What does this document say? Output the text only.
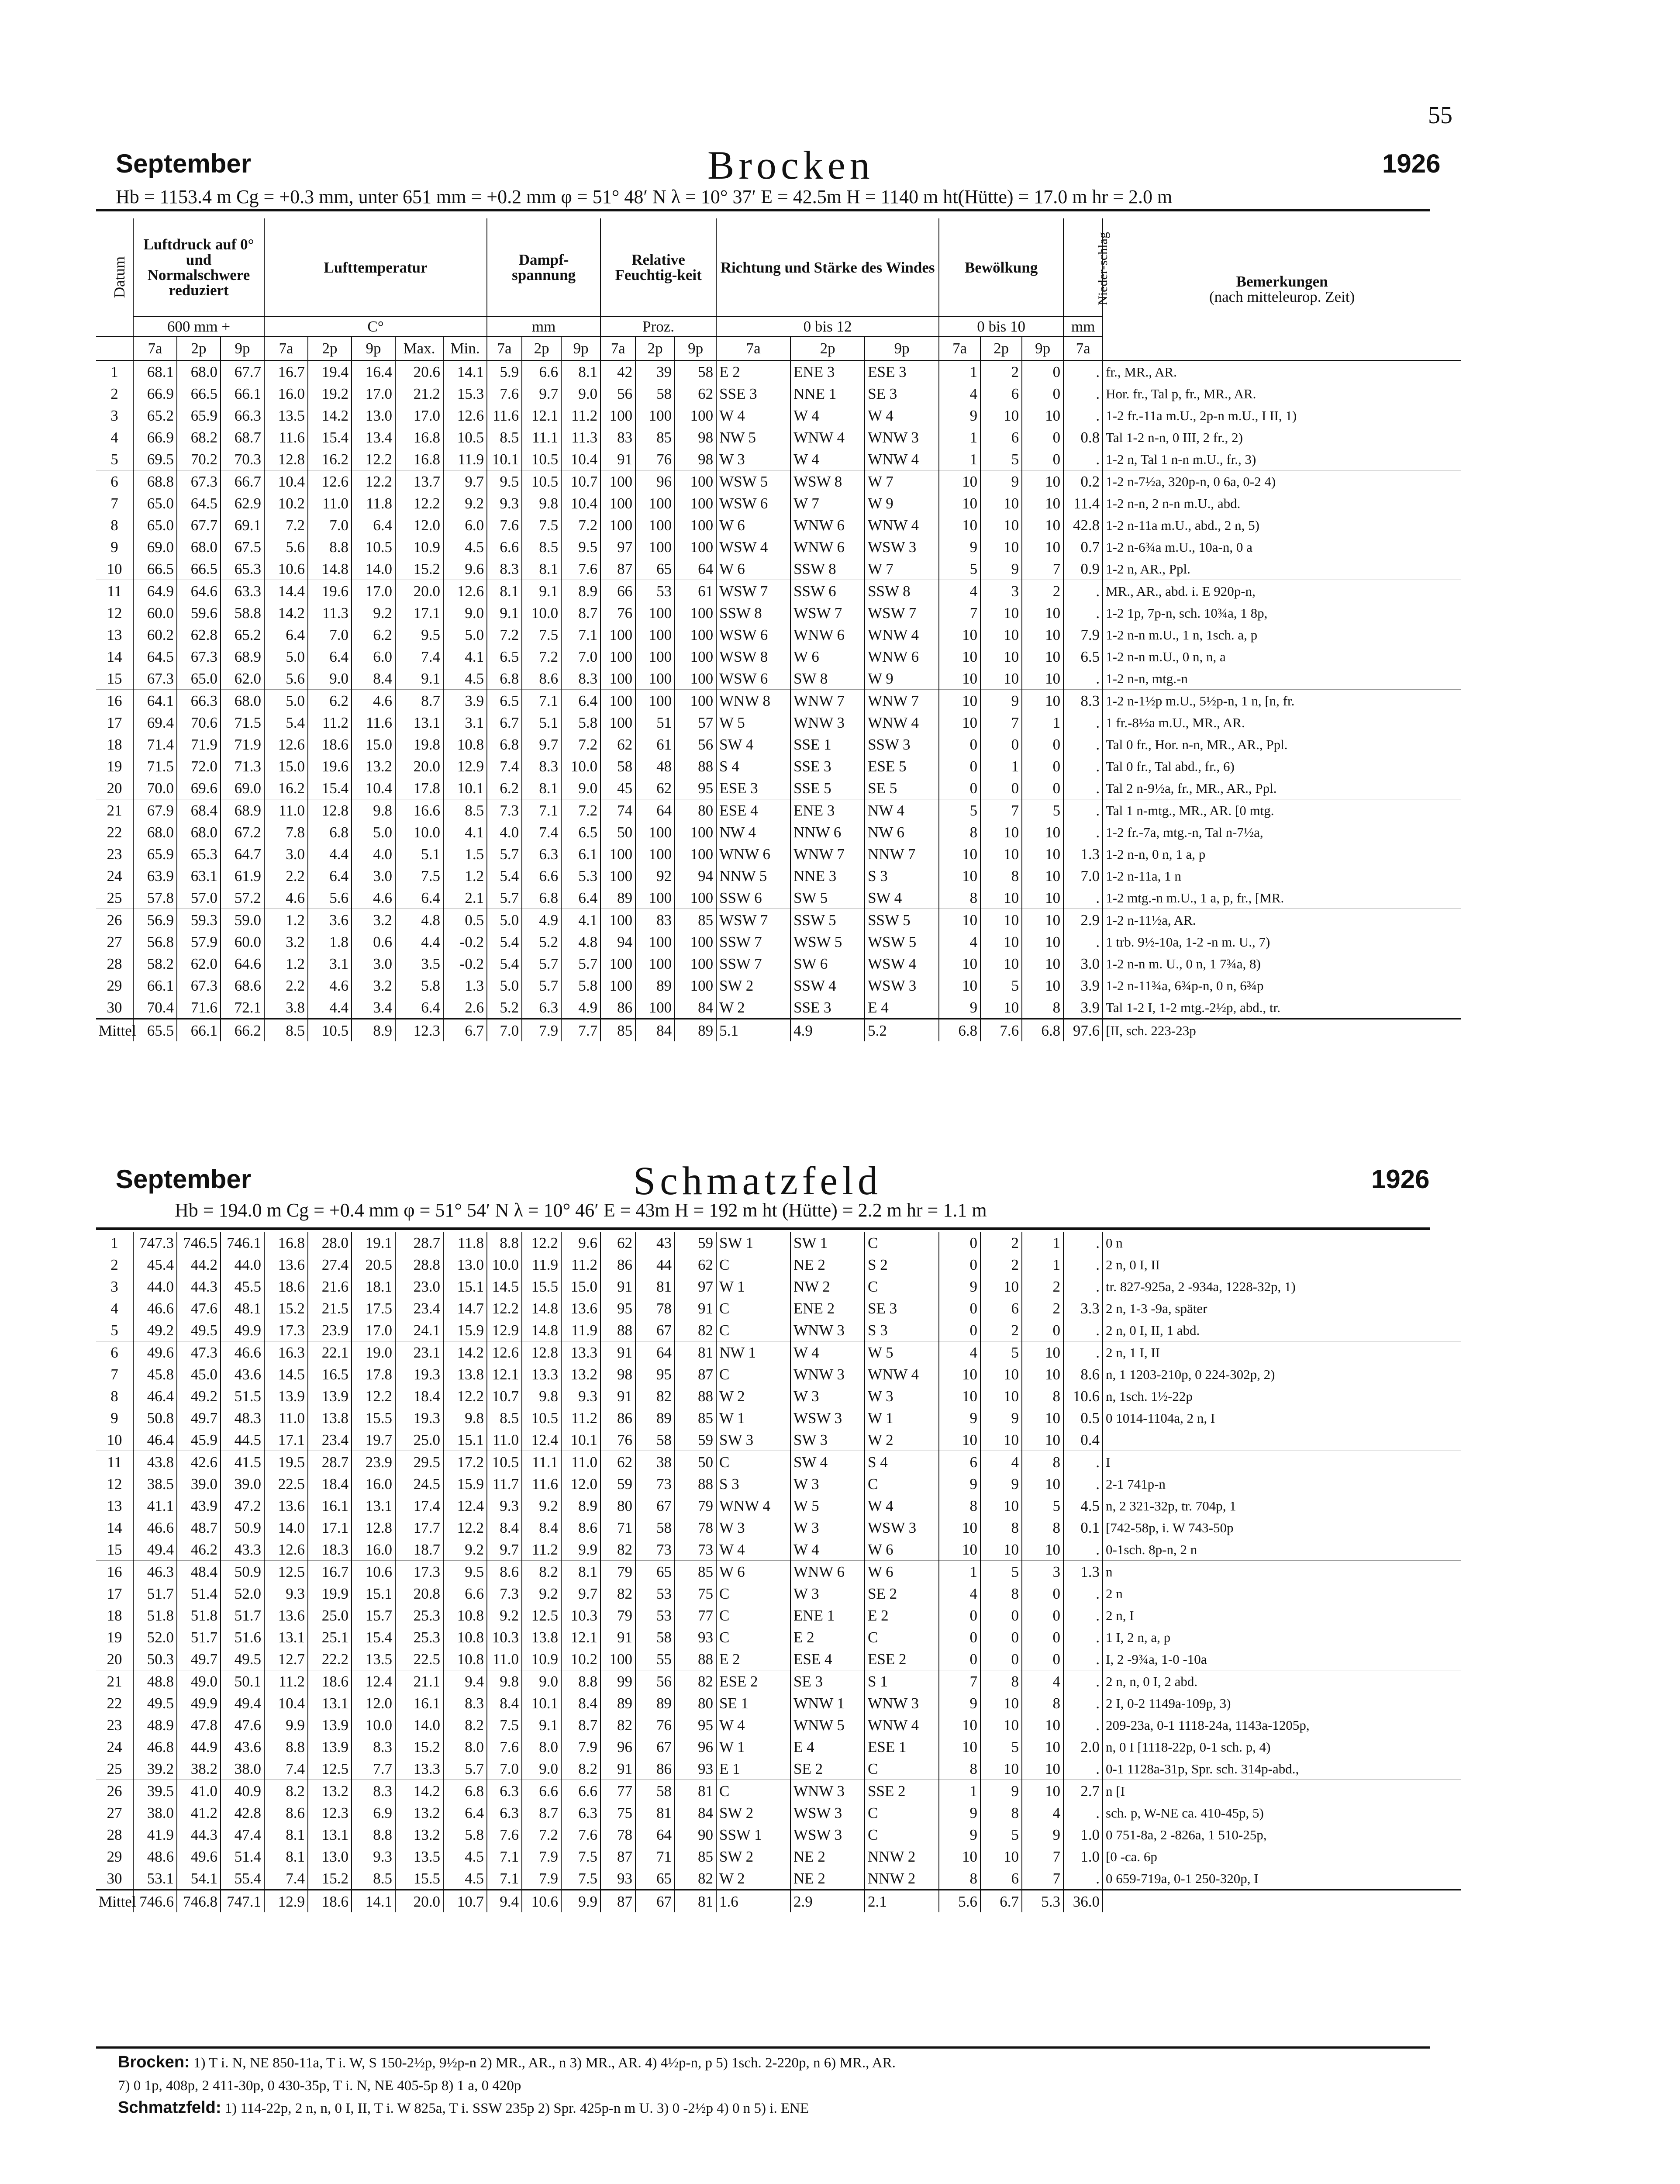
55
September	Brocken	1926
Hb = 1153.4 m Cg = +0.3 mm, unter 651 mm = +0.2 mm φ = 51° 48′ N λ = 10° 37′ E = 42.5m H = 1140 m ht(Hütte) = 17.0 m hr = 2.0 m
Datum	Luftdruck auf 0° und Normalschwere reduziert			Lufttemperatur					Dampf-spannung			Relative Feuchtig-keit			Richtung und Stärke des Windes			Bewölkung			Nieder-schlag	Bemerkungen
(nach mitteleurop. Zeit)

	600 mm +			C°					mm			Proz.			0 bis 12			0 bis 10			mm	
	7a	2p	9p	7a	2p	9p	Max.	Min.	7a	2p	9p	7a	2p	9p	7a	2p	9p	7a	2p	9p	7a	
1	68.1	68.0	67.7	16.7	19.4	16.4	20.6	14.1	5.9	6.6	8.1	42	39	58	E 2	ENE 3	ESE 3	1	2	0	.	fr., MR., AR.
2	66.9	66.5	66.1	16.0	19.2	17.0	21.2	15.3	7.6	9.7	9.0	56	58	62	SSE 3	NNE 1	SE 3	4	6	0	.	Hor. fr., Tal p, fr., MR., AR.
3	65.2	65.9	66.3	13.5	14.2	13.0	17.0	12.6	11.6	12.1	11.2	100	100	100	W 4	W 4	W 4	9	10	10	.	1-2 fr.-11a m.U., 2p-n m.U., I II, 1)
4	66.9	68.2	68.7	11.6	15.4	13.4	16.8	10.5	8.5	11.1	11.3	83	85	98	NW 5	WNW 4	WNW 3	1	6	0	0.8	Tal 1-2 n-n, 0 III, 2 fr., 2)
5	69.5	70.2	70.3	12.8	16.2	12.2	16.8	11.9	10.1	10.5	10.4	91	76	98	W 3	W 4	WNW 4	1	5	0	.	1-2 n, Tal 1 n-n m.U., fr., 3)
6	68.8	67.3	66.7	10.4	12.6	12.2	13.7	9.7	9.5	10.5	10.7	100	96	100	WSW 5	WSW 8	W 7	10	9	10	0.2	1-2 n-7½a, 320p-n, 0 6a, 0-2 4)
7	65.0	64.5	62.9	10.2	11.0	11.8	12.2	9.2	9.3	9.8	10.4	100	100	100	WSW 6	W 7	W 9	10	10	10	11.4	1-2 n-n, 2 n-n m.U., abd.
8	65.0	67.7	69.1	7.2	7.0	6.4	12.0	6.0	7.6	7.5	7.2	100	100	100	W 6	WNW 6	WNW 4	10	10	10	42.8	1-2 n-11a m.U., abd., 2 n, 5)
9	69.0	68.0	67.5	5.6	8.8	10.5	10.9	4.5	6.6	8.5	9.5	97	100	100	WSW 4	WNW 6	WSW 3	9	10	10	0.7	1-2 n-6¾a m.U., 10a-n, 0 a
10	66.5	66.5	65.3	10.6	14.8	14.0	15.2	9.6	8.3	8.1	7.6	87	65	64	W 6	SSW 8	W 7	5	9	7	0.9	1-2 n, AR., Ppl.
11	64.9	64.6	63.3	14.4	19.6	17.0	20.0	12.6	8.1	9.1	8.9	66	53	61	WSW 7	SSW 6	SSW 8	4	3	2	.	MR., AR., abd. i. E 920p-n,
12	60.0	59.6	58.8	14.2	11.3	9.2	17.1	9.0	9.1	10.0	8.7	76	100	100	SSW 8	WSW 7	WSW 7	7	10	10	.	1-2 1p, 7p-n, sch. 10¾a, 1 8p,
13	60.2	62.8	65.2	6.4	7.0	6.2	9.5	5.0	7.2	7.5	7.1	100	100	100	WSW 6	WNW 6	WNW 4	10	10	10	7.9	1-2 n-n m.U., 1 n, 1sch. a, p
14	64.5	67.3	68.9	5.0	6.4	6.0	7.4	4.1	6.5	7.2	7.0	100	100	100	WSW 8	W 6	WNW 6	10	10	10	6.5	1-2 n-n m.U., 0 n, n, a
15	67.3	65.0	62.0	5.6	9.0	8.4	9.1	4.5	6.8	8.6	8.3	100	100	100	WSW 6	SW 8	W 9	10	10	10	.	1-2 n-n, mtg.-n
16	64.1	66.3	68.0	5.0	6.2	4.6	8.7	3.9	6.5	7.1	6.4	100	100	100	WNW 8	WNW 7	WNW 7	10	9	10	8.3	1-2 n-1½p m.U., 5½p-n, 1 n, [n, fr.
17	69.4	70.6	71.5	5.4	11.2	11.6	13.1	3.1	6.7	5.1	5.8	100	51	57	W 5	WNW 3	WNW 4	10	7	1	.	1 fr.-8½a m.U., MR., AR.
18	71.4	71.9	71.9	12.6	18.6	15.0	19.8	10.8	6.8	9.7	7.2	62	61	56	SW 4	SSE 1	SSW 3	0	0	0	.	Tal 0 fr., Hor. n-n, MR., AR., Ppl.
19	71.5	72.0	71.3	15.0	19.6	13.2	20.0	12.9	7.4	8.3	10.0	58	48	88	S 4	SSE 3	ESE 5	0	1	0	.	Tal 0 fr., Tal abd., fr., 6)
20	70.0	69.6	69.0	16.2	15.4	10.4	17.8	10.1	6.2	8.1	9.0	45	62	95	ESE 3	SSE 5	SE 5	0	0	0	.	Tal 2 n-9½a, fr., MR., AR., Ppl.
21	67.9	68.4	68.9	11.0	12.8	9.8	16.6	8.5	7.3	7.1	7.2	74	64	80	ESE 4	ENE 3	NW 4	5	7	5	.	Tal 1 n-mtg., MR., AR. [0 mtg.
22	68.0	68.0	67.2	7.8	6.8	5.0	10.0	4.1	4.0	7.4	6.5	50	100	100	NW 4	NNW 6	NW 6	8	10	10	.	1-2 fr.-7a, mtg.-n, Tal n-7½a,
23	65.9	65.3	64.7	3.0	4.4	4.0	5.1	1.5	5.7	6.3	6.1	100	100	100	WNW 6	WNW 7	NNW 7	10	10	10	1.3	1-2 n-n, 0 n, 1 a, p
24	63.9	63.1	61.9	2.2	6.4	3.0	7.5	1.2	5.4	6.6	5.3	100	92	94	NNW 5	NNE 3	S 3	10	8	10	7.0	1-2 n-11a, 1 n
25	57.8	57.0	57.2	4.6	5.6	4.6	6.4	2.1	5.7	6.8	6.4	89	100	100	SSW 6	SW 5	SW 4	8	10	10	.	1-2 mtg.-n m.U., 1 a, p, fr., [MR.
26	56.9	59.3	59.0	1.2	3.6	3.2	4.8	0.5	5.0	4.9	4.1	100	83	85	WSW 7	SSW 5	SSW 5	10	10	10	2.9	1-2 n-11½a, AR.
27	56.8	57.9	60.0	3.2	1.8	0.6	4.4	-0.2	5.4	5.2	4.8	94	100	100	SSW 7	WSW 5	WSW 5	4	10	10	.	1 trb. 9½-10a, 1-2 -n m. U., 7)
28	58.2	62.0	64.6	1.2	3.1	3.0	3.5	-0.2	5.4	5.7	5.7	100	100	100	SSW 7	SW 6	WSW 4	10	10	10	3.0	1-2 n-n m. U., 0 n, 1 7¾a, 8)
29	66.1	67.3	68.6	2.2	4.6	3.2	5.8	1.3	5.0	5.7	5.8	100	89	100	SW 2	SSW 4	WSW 3	10	5	10	3.9	1-2 n-11¾a, 6¾p-n, 0 n, 6¾p
30	70.4	71.6	72.1	3.8	4.4	3.4	6.4	2.6	5.2	6.3	4.9	86	100	84	W 2	SSE 3	E 4	9	10	8	3.9	Tal 1-2 I, 1-2 mtg.-2½p, abd., tr.
Mittel	65.5	66.1	66.2	8.5	10.5	8.9	12.3	6.7	7.0	7.9	7.7	85	84	89	5.1	4.9	5.2	6.8	7.6	6.8	97.6	[II, sch. 223-23p
September	Schmatzfeld	1926
Hb = 194.0 m Cg = +0.4 mm φ = 51° 54′ N λ = 10° 46′ E = 43m H = 192 m ht (Hütte) = 2.2 m hr = 1.1 m
1	747.3	746.5	746.1	16.8	28.0	19.1	28.7	11.8	8.8	12.2	9.6	62	43	59	SW 1	SW 1	C	0	2	1	.	0 n
2	45.4	44.2	44.0	13.6	27.4	20.5	28.8	13.0	10.0	11.9	11.2	86	44	62	C	NE 2	S 2	0	2	1	.	2 n, 0 I, II
3	44.0	44.3	45.5	18.6	21.6	18.1	23.0	15.1	14.5	15.5	15.0	91	81	97	W 1	NW 2	C	9	10	2	.	tr. 827-925a, 2 -934a, 1228-32p, 1)
4	46.6	47.6	48.1	15.2	21.5	17.5	23.4	14.7	12.2	14.8	13.6	95	78	91	C	ENE 2	SE 3	0	6	2	3.3	2 n, 1-3 -9a, später
5	49.2	49.5	49.9	17.3	23.9	17.0	24.1	15.9	12.9	14.8	11.9	88	67	82	C	WNW 3	S 3	0	2	0	.	2 n, 0 I, II, 1 abd.
6	49.6	47.3	46.6	16.3	22.1	19.0	23.1	14.2	12.6	12.8	13.3	91	64	81	NW 1	W 4	W 5	4	5	10	.	2 n, 1 I, II
7	45.8	45.0	43.6	14.5	16.5	17.8	19.3	13.8	12.1	13.3	13.2	98	95	87	C	WNW 3	WNW 4	10	10	10	8.6	n, 1 1203-210p, 0 224-302p, 2)
8	46.4	49.2	51.5	13.9	13.9	12.2	18.4	12.2	10.7	9.8	9.3	91	82	88	W 2	W 3	W 3	10	10	8	10.6	n, 1sch. 1½-22p
9	50.8	49.7	48.3	11.0	13.8	15.5	19.3	9.8	8.5	10.5	11.2	86	89	85	W 1	WSW 3	W 1	9	9	10	0.5	0 1014-1104a, 2 n, I
10	46.4	45.9	44.5	17.1	23.4	19.7	25.0	15.1	11.0	12.4	10.1	76	58	59	SW 3	SW 3	W 2	10	10	10	0.4	
11	43.8	42.6	41.5	19.5	28.7	23.9	29.5	17.2	10.5	11.1	11.0	62	38	50	C	SW 4	S 4	6	4	8	.	I
12	38.5	39.0	39.0	22.5	18.4	16.0	24.5	15.9	11.7	11.6	12.0	59	73	88	S 3	W 3	C	9	9	10	.	2-1 741p-n
13	41.1	43.9	47.2	13.6	16.1	13.1	17.4	12.4	9.3	9.2	8.9	80	67	79	WNW 4	W 5	W 4	8	10	5	4.5	n, 2 321-32p, tr. 704p, 1
14	46.6	48.7	50.9	14.0	17.1	12.8	17.7	12.2	8.4	8.4	8.6	71	58	78	W 3	W 3	WSW 3	10	8	8	0.1	[742-58p, i. W 743-50p
15	49.4	46.2	43.3	12.6	18.3	16.0	18.7	9.2	9.7	11.2	9.9	82	73	73	W 4	W 4	W 6	10	10	10	.	0-1sch. 8p-n, 2 n
16	46.3	48.4	50.9	12.5	16.7	10.6	17.3	9.5	8.6	8.2	8.1	79	65	85	W 6	WNW 6	W 6	1	5	3	1.3	n
17	51.7	51.4	52.0	9.3	19.9	15.1	20.8	6.6	7.3	9.2	9.7	82	53	75	C	W 3	SE 2	4	8	0	.	2 n
18	51.8	51.8	51.7	13.6	25.0	15.7	25.3	10.8	9.2	12.5	10.3	79	53	77	C	ENE 1	E 2	0	0	0	.	2 n, I
19	52.0	51.7	51.6	13.1	25.1	15.4	25.3	10.8	10.3	13.8	12.1	91	58	93	C	E 2	C	0	0	0	.	1 I, 2 n, a, p
20	50.3	49.7	49.5	12.7	22.2	13.5	22.5	10.8	11.0	10.9	10.2	100	55	88	E 2	ESE 4	ESE 2	0	0	0	.	I, 2 -9¾a, 1-0 -10a
21	48.8	49.0	50.1	11.2	18.6	12.4	21.1	9.4	9.8	9.0	8.8	99	56	82	ESE 2	SE 3	S 1	7	8	4	.	2 n, n, 0 I, 2 abd.
22	49.5	49.9	49.4	10.4	13.1	12.0	16.1	8.3	8.4	10.1	8.4	89	89	80	SE 1	WNW 1	WNW 3	9	10	8	.	2 I, 0-2 1149a-109p, 3)
23	48.9	47.8	47.6	9.9	13.9	10.0	14.0	8.2	7.5	9.1	8.7	82	76	95	W 4	WNW 5	WNW 4	10	10	10	.	209-23a, 0-1 1118-24a, 1143a-1205p,
24	46.8	44.9	43.6	8.8	13.9	8.3	15.2	8.0	7.6	8.0	7.9	96	67	96	W 1	E 4	ESE 1	10	5	10	2.0	n, 0 I [1118-22p, 0-1 sch. p, 4)
25	39.2	38.2	38.0	7.4	12.5	7.7	13.3	5.7	7.0	9.0	8.2	91	86	93	E 1	SE 2	C	8	10	10	.	0-1 1128a-31p, Spr. sch. 314p-abd.,
26	39.5	41.0	40.9	8.2	13.2	8.3	14.2	6.8	6.3	6.6	6.6	77	58	81	C	WNW 3	SSE 2	1	9	10	2.7	n [I
27	38.0	41.2	42.8	8.6	12.3	6.9	13.2	6.4	6.3	8.7	6.3	75	81	84	SW 2	WSW 3	C	9	8	4	.	sch. p, W-NE ca. 410-45p, 5)
28	41.9	44.3	47.4	8.1	13.1	8.8	13.2	5.8	7.6	7.2	7.6	78	64	90	SSW 1	WSW 3	C	9	5	9	1.0	0 751-8a, 2 -826a, 1 510-25p,
29	48.6	49.6	51.4	8.1	13.0	9.3	13.5	4.5	7.1	7.9	7.5	87	71	85	SW 2	NE 2	NNW 2	10	10	7	1.0	[0 -ca. 6p
30	53.1	54.1	55.4	7.4	15.2	8.5	15.5	4.5	7.1	7.9	7.5	93	65	82	W 2	NE 2	NNW 2	8	6	7	.	0 659-719a, 0-1 250-320p, I
Mittel	746.6	746.8	747.1	12.9	18.6	14.1	20.0	10.7	9.4	10.6	9.9	87	67	81	1.6	2.9	2.1	5.6	6.7	5.3	36.0	
Brocken: 1) T i. N, NE 850-11a, T i. W, S 150-2½p, 9½p-n 2) MR., AR., n 3) MR., AR. 4) 4½p-n, p 5) 1sch. 2-220p, n 6) MR., AR.
7) 0 1p, 408p, 2 411-30p, 0 430-35p, T i. N, NE 405-5p 8) 1 a, 0 420p
Schmatzfeld: 1) 114-22p, 2 n, n, 0 I, II, T i. W 825a, T i. SSW 235p 2) Spr. 425p-n m U. 3) 0 -2½p 4) 0 n 5) i. ENE
